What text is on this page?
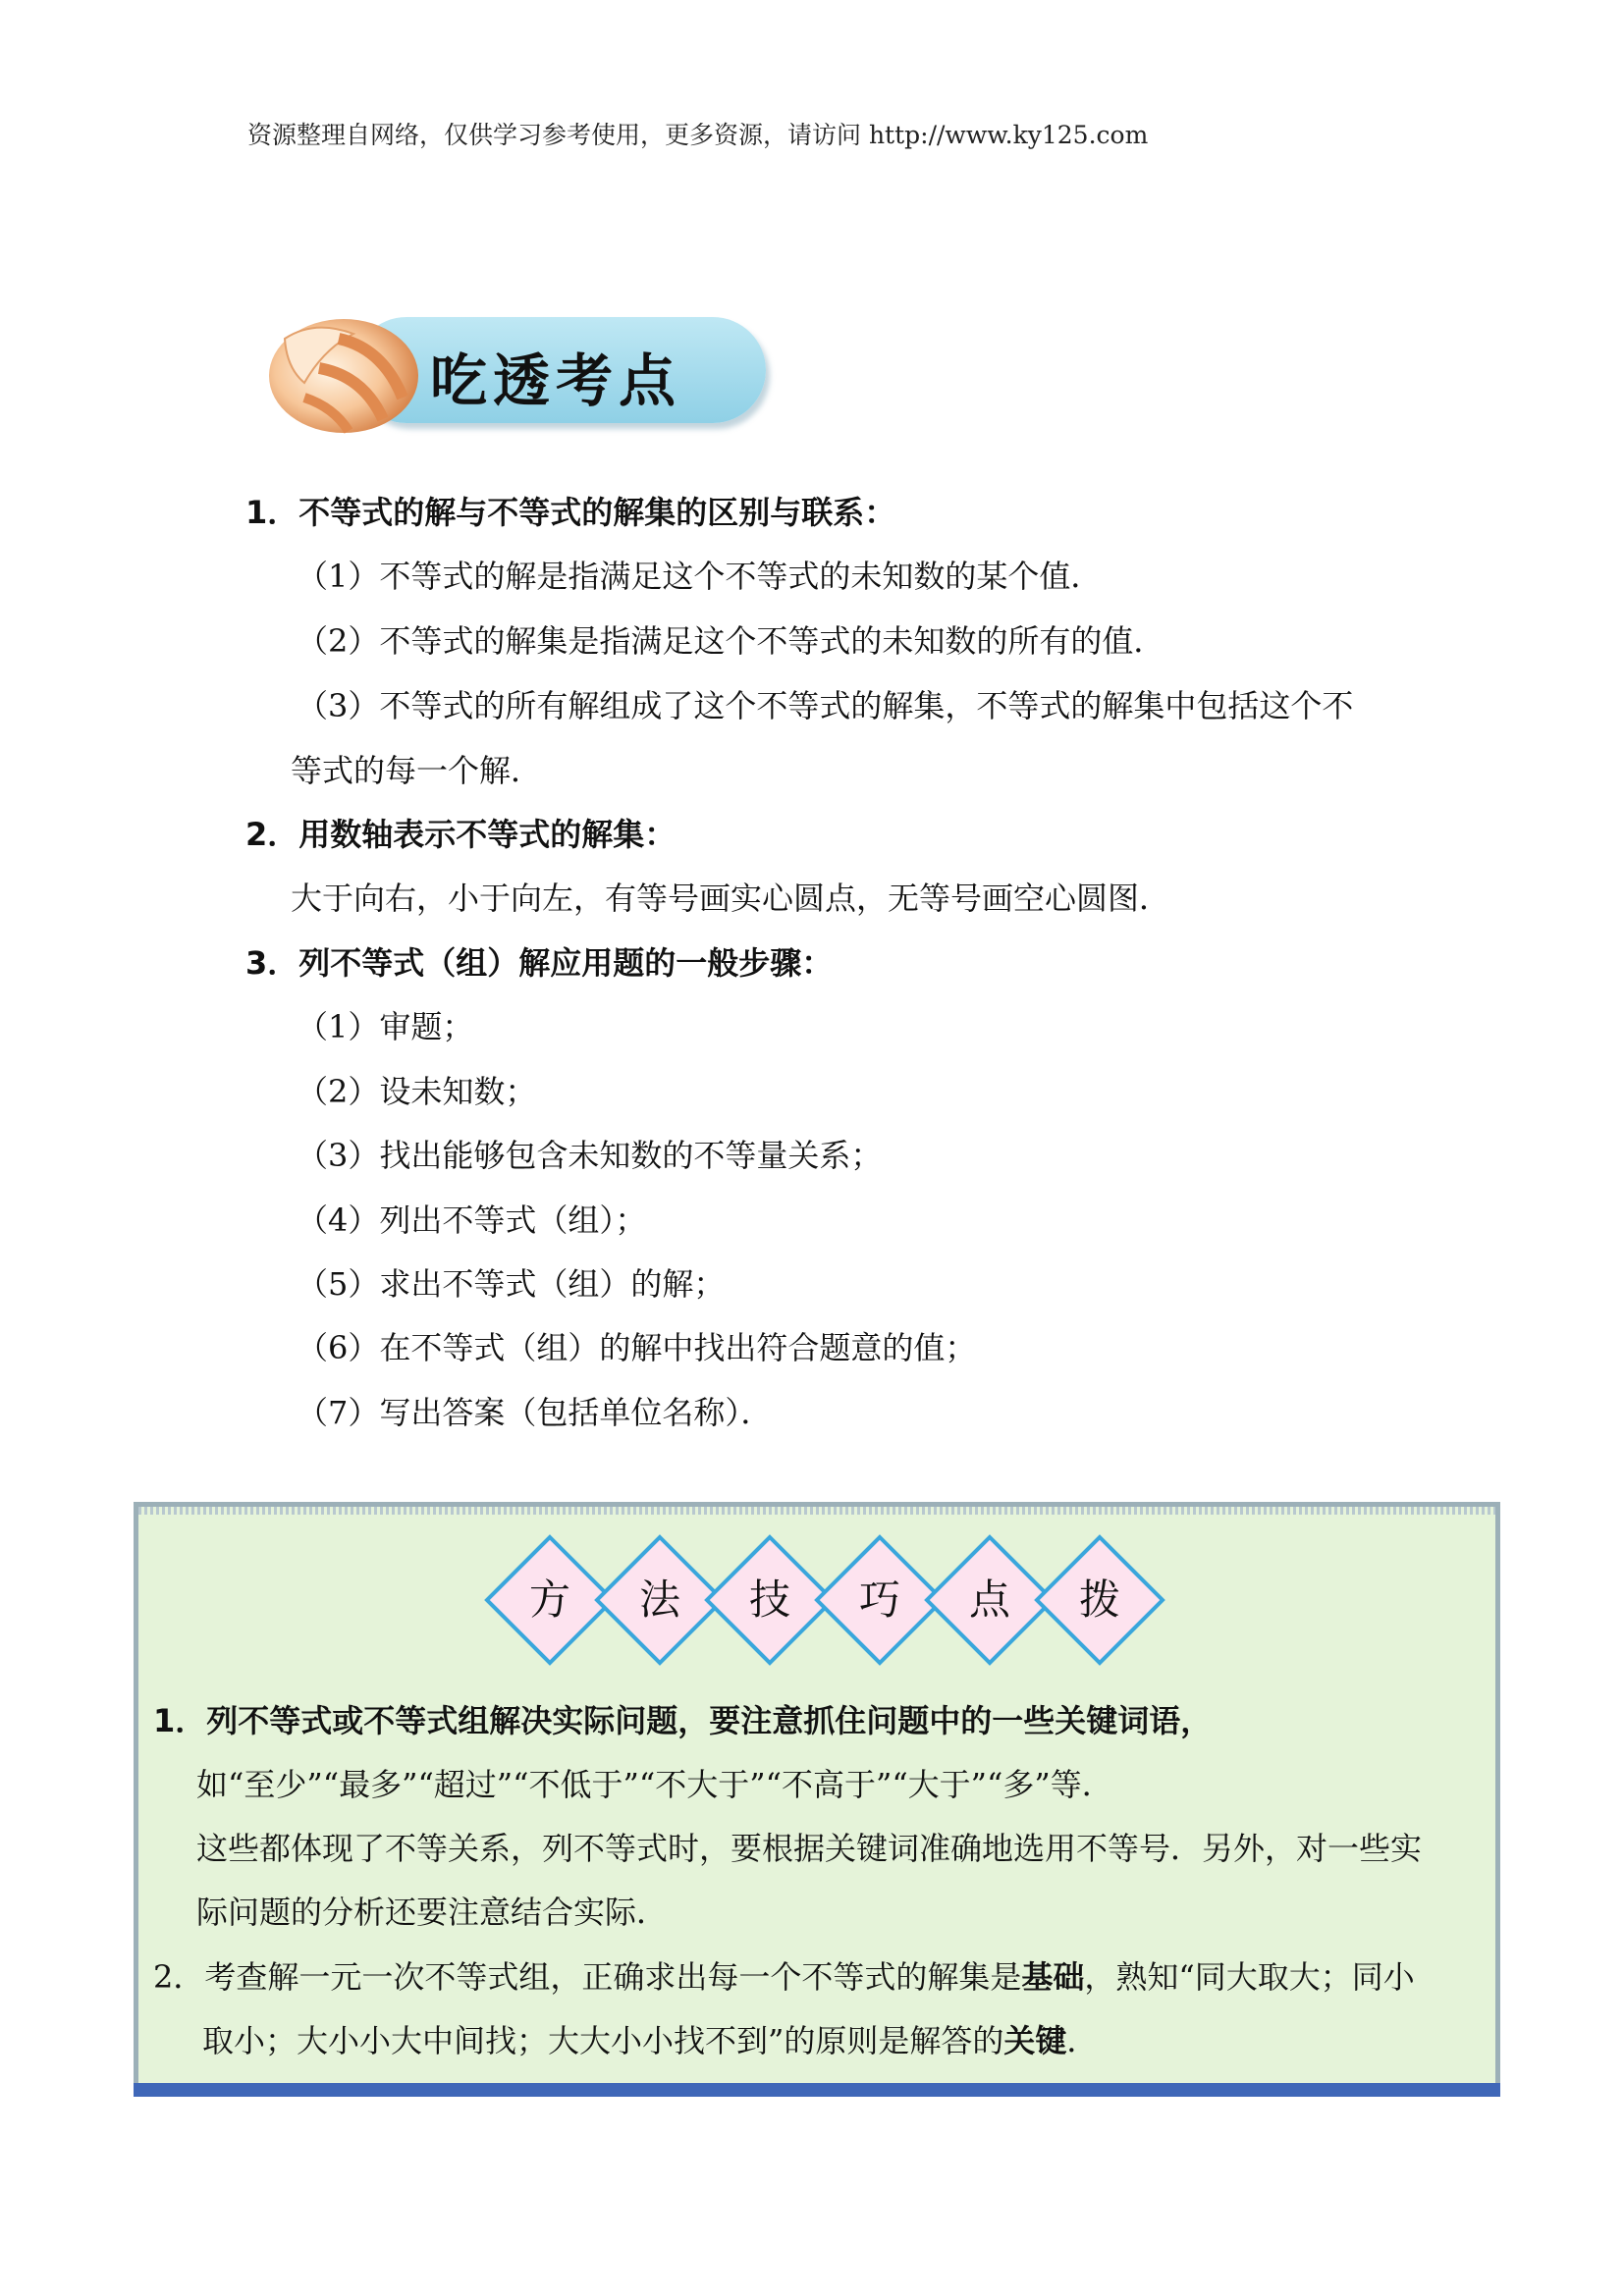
资源整理自网络，仅供学习参考使用，更多资源，请访问 http://www.ky125.com
吃透考点
1．不等式的解与不等式的解集的区别与联系：
（1）不等式的解是指满足这个不等式的未知数的某个值．
（2）不等式的解集是指满足这个不等式的未知数的所有的值．
（3）不等式的所有解组成了这个不等式的解集，不等式的解集中包括这个不
等式的每一个解．
2．用数轴表示不等式的解集：
大于向右，小于向左，有等号画实心圆点，无等号画空心圆图．
3．列不等式（组）解应用题的一般步骤：
（1）审题；
（2）设未知数；
（3）找出能够包含未知数的不等量关系；
（4）列出不等式（组）；
（5）求出不等式（组）的解；
（6）在不等式（组）的解中找出符合题意的值；
（7）写出答案（包括单位名称）．
方	法	技	巧	点	拨
1．列不等式或不等式组解决实际问题，要注意抓住问题中的一些关键词语，
如“至少”“最多”“超过”“不低于”“不大于”“不高于”“大于”“多”等．
这些都体现了不等关系，列不等式时，要根据关键词准确地选用不等号．另外，对一些实
际问题的分析还要注意结合实际．
2．考查解一元一次不等式组，正确求出每一个不等式的解集是基础，熟知“同大取大；同小
取小；大小小大中间找；大大小小找不到”的原则是解答的关键．
